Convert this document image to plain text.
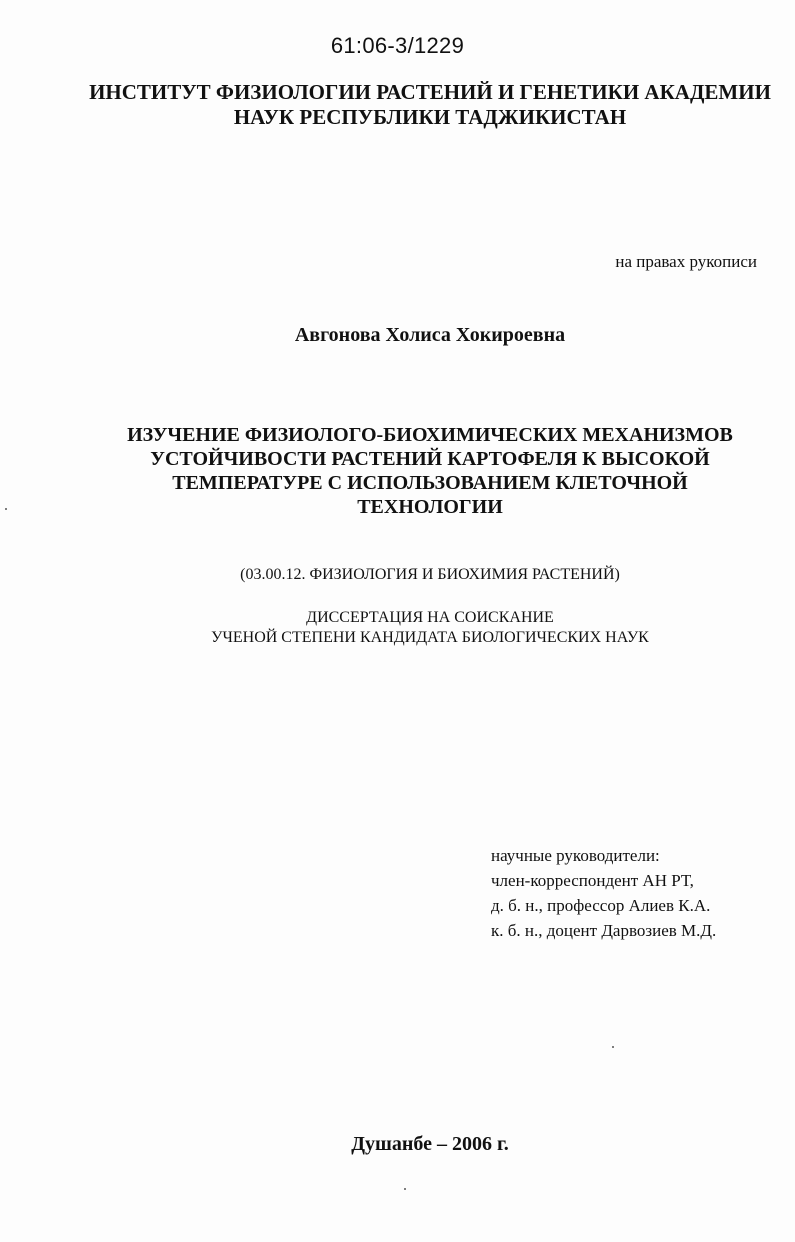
61:06-3/1229
ИНСТИТУТ ФИЗИОЛОГИИ РАСТЕНИЙ И ГЕНЕТИКИ АКАДЕМИИ
НАУК РЕСПУБЛИКИ ТАДЖИКИСТАН
на правах рукописи
Авгонова Холиса Хокироевна
ИЗУЧЕНИЕ ФИЗИОЛОГО-БИОХИМИЧЕСКИХ МЕХАНИЗМОВ
УСТОЙЧИВОСТИ РАСТЕНИЙ КАРТОФЕЛЯ К ВЫСОКОЙ
ТЕМПЕРАТУРЕ С ИСПОЛЬЗОВАНИЕМ КЛЕТОЧНОЙ
ТЕХНОЛОГИИ
(03.00.12. ФИЗИОЛОГИЯ И БИОХИМИЯ РАСТЕНИЙ)
ДИССЕРТАЦИЯ НА СОИСКАНИЕ
УЧЕНОЙ СТЕПЕНИ КАНДИДАТА БИОЛОГИЧЕСКИХ НАУК
научные руководители:
член-корреспондент АН РТ,
д. б. н., профессор Алиев К.А.
к. б. н., доцент Дарвозиев М.Д.
Душанбе – 2006 г.
